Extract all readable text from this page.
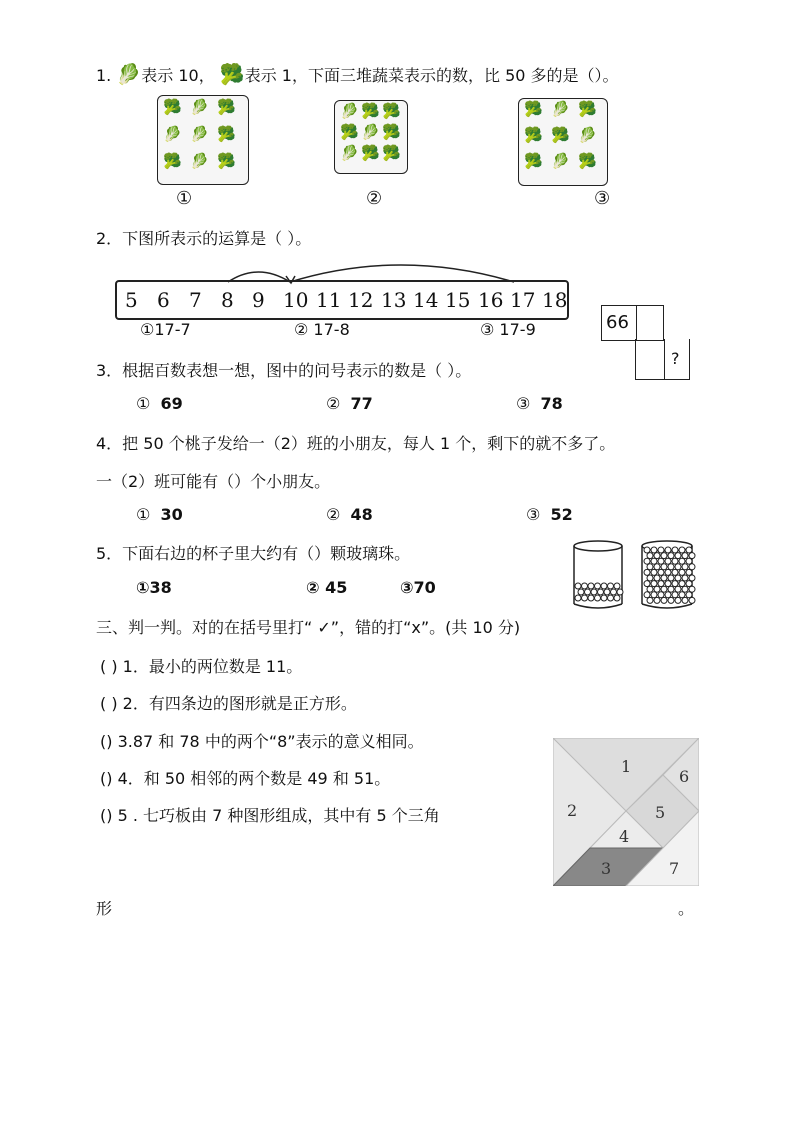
1. 🥬表示 10， 🥦表示 1，下面三堆蔬菜表示的数，比 50 多的是（）。
🥦 🥬 🥦
🥬 🥬 🥦
🥦 🥬 🥦
🥬 🥦 🥦
🥦 🥬 🥦
🥬 🥦 🥦
🥦 🥬 🥦
🥦 🥦 🥬
🥦 🥬 🥦
①	②	③
2．下图所表示的运算是（ ）。
5 6 7 8 9 10 11 12 13 14 15 16 17 18
①17-7	② 17-8	③ 17-9	66
?
3．根据百数表想一想，图中的问号表示的数是（ ）。
① 69	② 77	③ 78
4．把 50 个桃子发给一（2）班的小朋友，每人 1 个，剩下的就不多了。
一（2）班可能有（）个小朋友。
① 30	② 48	③ 52
5．下面右边的杯子里大约有（）颗玻璃珠。
①38	② 45	③70
三、判一判。对的在括号里打“ ✓”，错的打“x”。(共 10 分)
( ) 1．最小的两位数是 11。
( ) 2．有四条边的图形就是正方形。
() 3.87 和 78 中的两个“8”表示的意义相同。
() 4．和 50 相邻的两个数是 49 和 51。
() 5 . 七巧板由 7 种图形组成，其中有 5 个三角
形	。
1
2
3
4
5
6
7
